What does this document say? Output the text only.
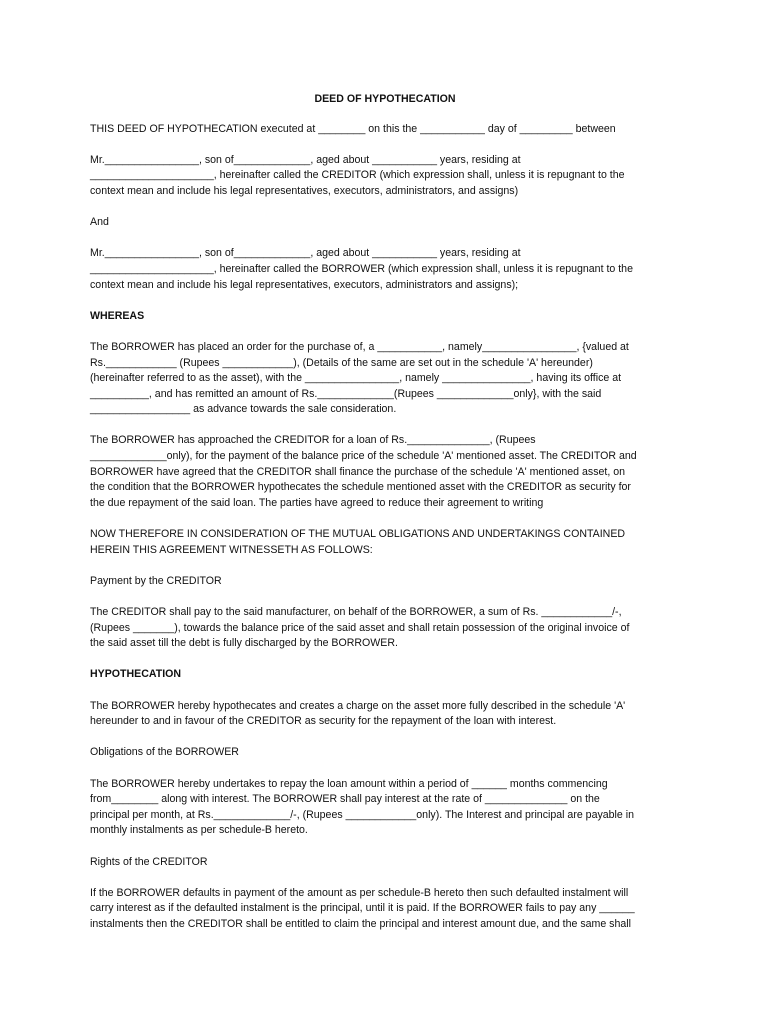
DEED OF HYPOTHECATION
THIS DEED OF HYPOTHECATION executed at ________ on this the ___________ day of _________ between
Mr.________________, son of_____________, aged about ___________ years, residing at
_____________________, hereinafter called the CREDITOR (which expression shall, unless it is repugnant to the
context mean and include his legal representatives, executors, administrators, and assigns)
And
Mr.________________, son of_____________, aged about ___________ years, residing at
_____________________, hereinafter called the BORROWER (which expression shall, unless it is repugnant to the
context mean and include his legal representatives, executors, administrators and assigns);
WHEREAS
The BORROWER has placed an order for the purchase of, a ___________, namely________________, {valued at
Rs.____________ (Rupees ____________), (Details of the same are set out in the schedule 'A' hereunder)
(hereinafter referred to as the asset), with the ________________, namely _______________, having its office at
__________, and has remitted an amount of Rs._____________(Rupees _____________only}, with the said
_________________ as advance towards the sale consideration.
The BORROWER has approached the CREDITOR for a loan of Rs.______________, (Rupees
_____________only), for the payment of the balance price of the schedule 'A' mentioned asset. The CREDITOR and
BORROWER have agreed that the CREDITOR shall finance the purchase of the schedule 'A' mentioned asset, on
the condition that the BORROWER hypothecates the schedule mentioned asset with the CREDITOR as security for
the due repayment of the said loan. The parties have agreed to reduce their agreement to writing
NOW THEREFORE IN CONSIDERATION OF THE MUTUAL OBLIGATIONS AND UNDERTAKINGS CONTAINED
HEREIN THIS AGREEMENT WITNESSETH AS FOLLOWS:
Payment by the CREDITOR
The CREDITOR shall pay to the said manufacturer, on behalf of the BORROWER, a sum of Rs. ____________/-,
(Rupees _______), towards the balance price of the said asset and shall retain possession of the original invoice of
the said asset till the debt is fully discharged by the BORROWER.
HYPOTHECATION
The BORROWER hereby hypothecates and creates a charge on the asset more fully described in the schedule 'A'
hereunder to and in favour of the CREDITOR as security for the repayment of the loan with interest.
Obligations of the BORROWER
The BORROWER hereby undertakes to repay the loan amount within a period of ______ months commencing
from________ along with interest. The BORROWER shall pay interest at the rate of ______________ on the
principal per month, at Rs._____________/-, (Rupees ____________only). The Interest and principal are payable in
monthly instalments as per schedule-B hereto.
Rights of the CREDITOR
If the BORROWER defaults in payment of the amount as per schedule-B hereto then such defaulted instalment will
carry interest as if the defaulted instalment is the principal, until it is paid. If the BORROWER fails to pay any ______
instalments then the CREDITOR shall be entitled to claim the principal and interest amount due, and the same shall
